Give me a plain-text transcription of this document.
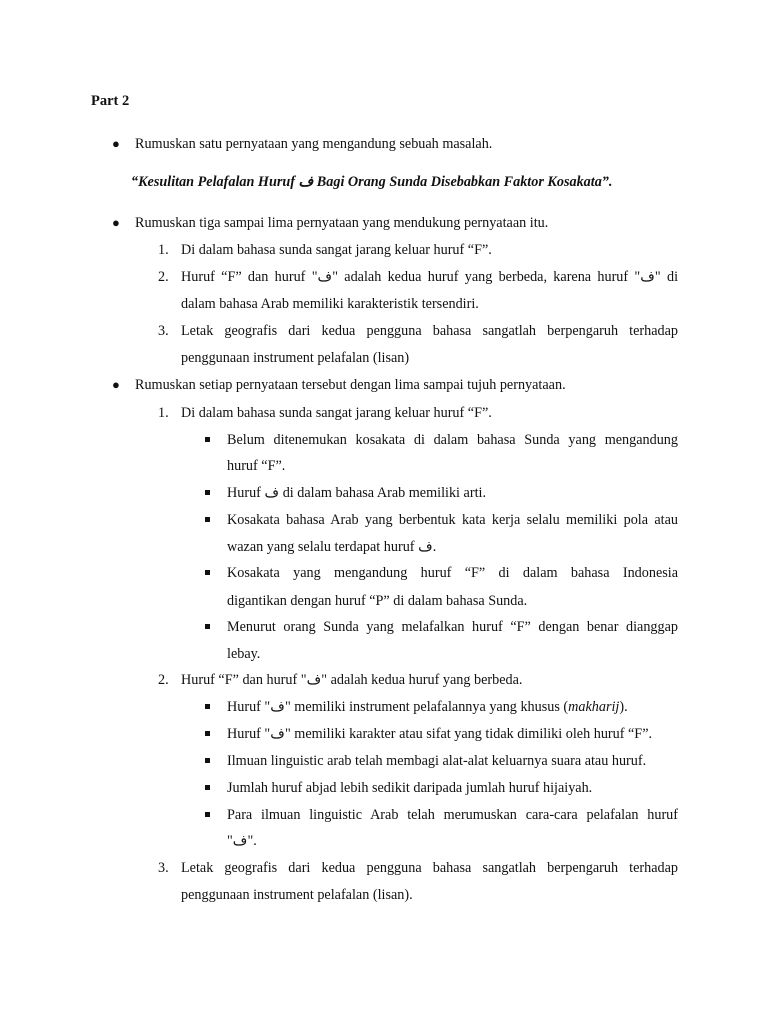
Part 2
● Rumuskan satu pernyataan yang mengandung sebuah masalah.
“Kesulitan Pelafalan Huruf ف Bagi Orang Sunda Disebabkan Faktor Kosakata”.
● Rumuskan tiga sampai lima pernyataan yang mendukung pernyataan itu.
1. Di dalam bahasa sunda sangat jarang keluar huruf “F”.
2. Huruf “F” dan huruf "ف" adalah kedua huruf yang berbeda, karena huruf "ف" di
dalam bahasa Arab memiliki karakteristik tersendiri.
3. Letak geografis dari kedua pengguna bahasa sangatlah berpengaruh terhadap
penggunaan instrument pelafalan (lisan)
● Rumuskan setiap pernyataan tersebut dengan lima sampai tujuh pernyataan.
1. Di dalam bahasa sunda sangat jarang keluar huruf “F”.
Belum ditenemukan kosakata di dalam bahasa Sunda yang mengandung
huruf “F”.
Huruf ف di dalam bahasa Arab memiliki arti.
Kosakata bahasa Arab yang berbentuk kata kerja selalu memiliki pola atau
wazan yang selalu terdapat huruf ف.
Kosakata yang mengandung huruf “F” di dalam bahasa Indonesia
digantikan dengan huruf “P” di dalam bahasa Sunda.
Menurut orang Sunda yang melafalkan huruf “F” dengan benar dianggap
lebay.
2. Huruf “F” dan huruf "ف" adalah kedua huruf yang berbeda.
Huruf "ف" memiliki instrument pelafalannya yang khusus (makharij).
Huruf "ف" memiliki karakter atau sifat yang tidak dimiliki oleh huruf “F”.
Ilmuan linguistic arab telah membagi alat-alat keluarnya suara atau huruf.
Jumlah huruf abjad lebih sedikit daripada jumlah huruf hijaiyah.
Para ilmuan linguistic Arab telah merumuskan cara-cara pelafalan huruf
"ف".
3. Letak geografis dari kedua pengguna bahasa sangatlah berpengaruh terhadap
penggunaan instrument pelafalan (lisan).
